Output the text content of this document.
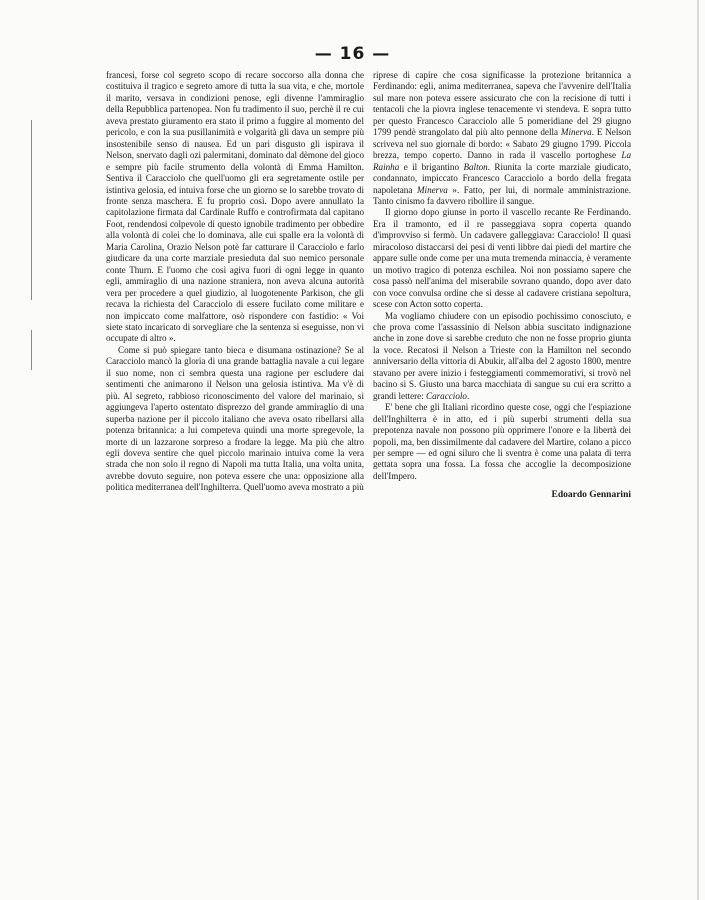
— 16 —

francesi, forse col segreto scopo di recare soccorso alla donna che costituiva il tragico e segreto amore di tutta la sua vita, e che, mortole il marito, versava in condizioni penose, egli divenne l'ammiraglio della Repubblica partenopea. Non fu tradimento il suo, perchè il re cui aveva prestato giuramento era stato il primo a fuggire al momento del pericolo, e con la sua pusillanimità e volgarità gli dava un sempre più insostenibile senso di nausea. Ed un pari disgusto gli ispirava il Nelson, snervato dagli ozi palermitani, dominato dal dèmone del gioco e sempre più facile strumento della volontà di Emma Hamilton. Sentiva il Caracciolo che quell'uomo gli era segretamente ostile per istintiva gelosia, ed intuiva forse che un giorno se lo sarebbe trovato di fronte senza maschera. E fu proprio così. Dopo avere annullato la capitolazione firmata dal Cardinale Ruffo e controfirmata dal capitano Foot, rendendosi colpevole di questo ignobile tradimento per obbedire alla volontà di colei che lo dominava, alle cui spalle era la volontà di Maria Carolina, Orazio Nelson potè far catturare il Caracciolo e farlo giudicare da una corte marziale presieduta dal suo nemico personale conte Thurn. E l'uomo che così agiva fuori di ogni legge in quanto egli, ammiraglio di una nazione straniera, non aveva alcuna autorità vera per procedere a quel giudizio, al luogotenente Parkison, che gli recava la richiesta del Caracciolo di essere fucilato come militare e non impiccato come malfattore, osò rispondere con fastidio: « Voi siete stato incaricato di sorvegliare che la sentenza si eseguisse, non vi occupate di altro ».

Come si può spiegare tanto bieca e disumana ostinazione? Se al Caracciolo mancò la gloria di una grande battaglia navale a cui legare il suo nome, non ci sembra questa una ragione per escludere dai sentimenti che animarono il Nelson una gelosia istintiva. Ma v'è di più. Al segreto, rabbioso riconoscimento del valore del marinaio, si aggiungeva l'aperto ostentato disprezzo del grande ammiraglio di una superba nazione per il piccolo italiano che aveva osato ribellarsi alla potenza britannica: a lui competeva quindi una morte spregevole, la morte di un lazzarone sorpreso a frodare la legge. Ma più che altro egli doveva sentire che quel piccolo marinaio intuiva come la vera strada che non solo il regno di Napoli ma tutta Italia, una volta unita, avrebbe dovuto seguire, non poteva essere che una: opposizione alla politica mediterranea dell'Inghilterra. Quell'uomo aveva mostrato a più

riprese di capire che cosa significasse la protezione britannica a Ferdinando: egli, anima mediterranea, sapeva che l'avvenire dell'Italia sul mare non poteva essere assicurato che con la recisione di tutti i tentacoli che la piovra inglese tenacemente vi stendeva. E sopra tutto per questo Francesco Caracciolo alle 5 pomeridiane del 29 giugno 1799 pendè strangolato dal più alto pennone della Minerva. E Nelson scriveva nel suo giornale di bordo: « Sabato 29 giugno 1799. Piccola brezza, tempo coperto. Danno in rada il vascello portoghese La Rainha e il brigantino Balton. Riunita la corte marziale giudicato, condannato, impiccato Francesco Caracciolo a bordo della fregata napoletana Minerva ». Fatto, per lui, di normale amministrazione. Tanto cinismo fa davvero ribollire il sangue.

Il giorno dopo giunse in porto il vascello recante Re Ferdinando. Era il tramonto, ed il re passeggiava sopra coperta quando d'improvviso si fermò. Un cadavere galleggiava: Caracciolo! Il quasi miracoloso distaccarsi dei pesi di venti libbre dai piedi del martire che appare sulle onde come per una muta tremenda minaccia, è veramente un motivo tragico di potenza eschilea. Noi non possiamo sapere che cosa passò nell'anima del miserabile sovrano quando, dopo aver dato con voce convulsa ordine che si desse al cadavere cristiana sepoltura, scese con Acton sotto coperta.

Ma vogliamo chiudere con un episodio pochissimo conosciuto, e che prova come l'assassinio di Nelson abbia suscitato indignazione anche in zone dove si sarebbe creduto che non ne fosse proprio giunta la voce. Recatosi il Nelson a Trieste con la Hamilton nel secondo anniversario della vittoria di Abukir, all'alba del 2 agosto 1800, mentre stavano per avere inizio i festeggiamenti commemorativi, si trovò nel bacino si S. Giusto una barca macchiata di sangue su cui era scritto a grandi lettere: Caracciolo.

E' bene che gli Italiani ricordino queste cose, oggi che l'espiazione dell'Inghilterra è in atto, ed i più superbi strumenti della sua prepotenza navale non possono più opprimere l'onore e la libertà dei popoli, ma, ben dissimilmente dal cadavere del Martire, colano a picco per sempre — ed ogni siluro che li sventra è come una palata di terra gettata sopra una fossa. La fossa che accoglie la decomposizione dell'Impero.

Edoardo Gennarini
